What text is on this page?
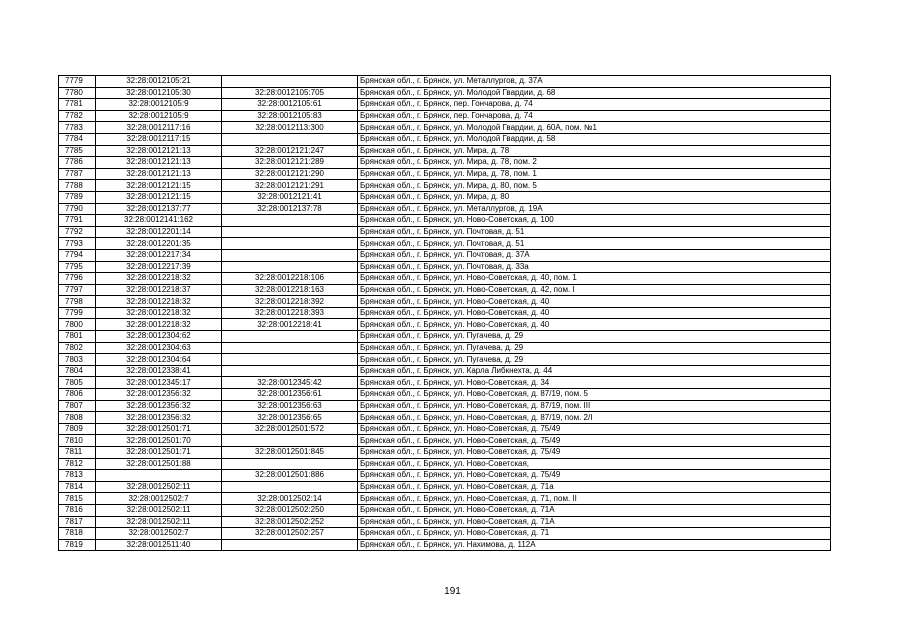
7779	32:28:0012105:21		Брянская обл., г. Брянск, ул. Металлургов, д. 37А
7780	32:28:0012105:30	32:28:0012105:705	Брянская обл., г. Брянск, ул. Молодой Гвардии, д. 68
7781	32:28:0012105:9	32:28:0012105:61	Брянская обл., г. Брянск, пер. Гончарова, д. 74
7782	32:28:0012105:9	32:28:0012105:83	Брянская обл., г. Брянск, пер. Гончарова, д. 74
7783	32:28:0012117:16	32:28:0012113:300	Брянская обл., г. Брянск, ул. Молодой Гвардии, д. 60А, пом. №1
7784	32:28:0012117:15		Брянская обл., г. Брянск, ул. Молодой Гвардии, д. 58
7785	32:28:0012121:13	32:28:0012121:247	Брянская обл., г. Брянск, ул. Мира, д. 78
7786	32:28:0012121:13	32:28:0012121:289	Брянская обл., г. Брянск, ул. Мира, д. 78, пом. 2
7787	32:28:0012121:13	32:28:0012121:290	Брянская обл., г. Брянск, ул. Мира, д. 78, пом. 1
7788	32:28:0012121:15	32:28:0012121:291	Брянская обл., г. Брянск, ул. Мира, д. 80, пом. 5
7789	32:28:0012121:15	32:28:0012121:41	Брянская обл., г. Брянск, ул. Мира, д. 80
7790	32:28:0012137:77	32:28:0012137:78	Брянская обл., г. Брянск, ул. Металлургов, д. 19А
7791	32:28:0012141:162		Брянская обл., г. Брянск, ул. Ново-Советская, д. 100
7792	32:28:0012201:14		Брянская обл., г. Брянск, ул. Почтовая, д. 51
7793	32:28:0012201:35		Брянская обл., г. Брянск, ул. Почтовая, д. 51
7794	32:28:0012217:34		Брянская обл., г. Брянск, ул. Почтовая, д. 37А
7795	32:28:0012217:39		Брянская обл., г. Брянск, ул. Почтовая, д. 33а
7796	32:28:0012218:32	32:28:0012218:106	Брянская обл., г. Брянск, ул. Ново-Советская, д. 40, пом. 1
7797	32:28:0012218:37	32:28:0012218:163	Брянская обл., г. Брянск, ул. Ново-Советская, д. 42, пом. I
7798	32:28:0012218:32	32:28:0012218:392	Брянская обл., г. Брянск, ул. Ново-Советская, д. 40
7799	32:28:0012218:32	32:28:0012218:393	Брянская обл., г. Брянск, ул. Ново-Советская, д. 40
7800	32:28:0012218:32	32:28:0012218:41	Брянская обл., г. Брянск, ул. Ново-Советская, д. 40
7801	32:28:0012304:62		Брянская обл., г. Брянск, ул. Пугачева, д. 29
7802	32:28:0012304:63		Брянская обл., г. Брянск, ул. Пугачева, д. 29
7803	32:28:0012304:64		Брянская обл., г. Брянск, ул. Пугачева, д. 29
7804	32:28:0012338:41		Брянская обл., г. Брянск, ул. Карла Либкнехта, д. 44
7805	32:28:0012345:17	32:28:0012345:42	Брянская обл., г. Брянск, ул. Ново-Советская, д. 34
7806	32:28:0012356:32	32:28:0012356:61	Брянская обл., г. Брянск, ул. Ново-Советская, д. 87/19, пом. 5
7807	32:28:0012356:32	32:28:0012356:63	Брянская обл., г. Брянск, ул. Ново-Советская, д. 87/19, пом. III
7808	32:28:0012356:32	32:28:0012356:65	Брянская обл., г. Брянск, ул. Ново-Советская, д. 87/19, пом. 2/I
7809	32:28:0012501:71	32:28:0012501:572	Брянская обл., г. Брянск, ул. Ново-Советская, д. 75/49
7810	32:28:0012501:70		Брянская обл., г. Брянск, ул. Ново-Советская, д. 75/49
7811	32:28:0012501:71	32:28:0012501:845	Брянская обл., г. Брянск, ул. Ново-Советская, д. 75/49
7812	32:28:0012501:88		Брянская обл., г. Брянск, ул. Ново-Советская,
7813		32:28:0012501:886	Брянская обл., г. Брянск, ул. Ново-Советская, д. 75/49
7814	32:28:0012502:11		Брянская обл., г. Брянск, ул. Ново-Советская, д. 71а
7815	32:28:0012502:7	32:28:0012502:14	Брянская обл., г. Брянск, ул. Ново-Советская, д. 71, пом. II
7816	32:28:0012502:11	32:28:0012502:250	Брянская обл., г. Брянск, ул. Ново-Советская, д. 71А
7817	32:28:0012502:11	32:28:0012502:252	Брянская обл., г. Брянск, ул. Ново-Советская, д. 71А
7818	32:28:0012502:7	32:28:0012502:257	Брянская обл., г. Брянск, ул. Ново-Советская, д. 71
7819	32:28:0012511:40		Брянская обл., г. Брянск, ул. Нахимова, д. 112А
191
